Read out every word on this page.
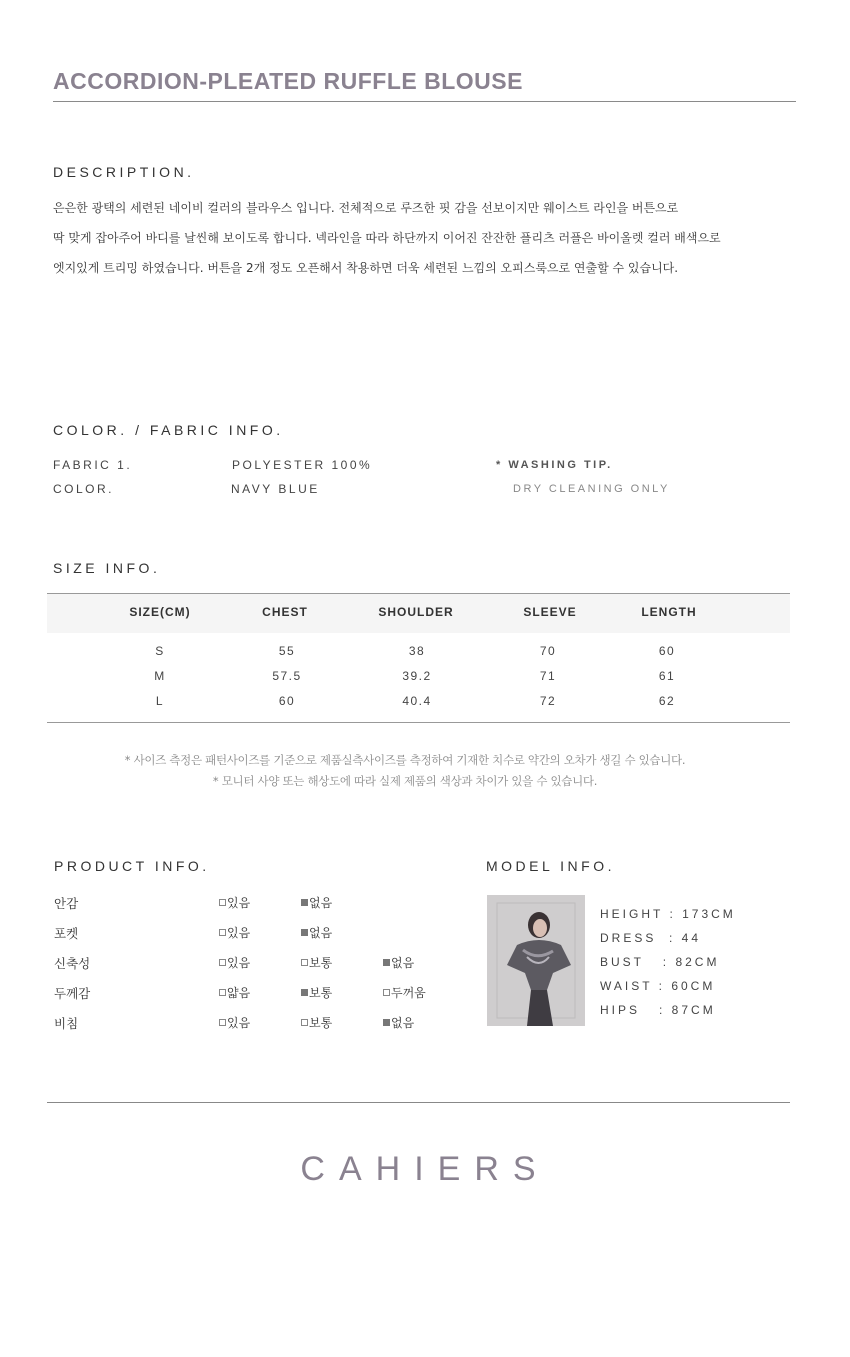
ACCORDION-PLEATED RUFFLE BLOUSE
DESCRIPTION.
은은한 광택의 세련된 네이비 컬러의 블라우스 입니다. 전체적으로 루즈한 핏 감을 선보이지만 웨이스트 라인을 버튼으로
딱 맞게 잡아주어 바디를 날씬해 보이도록 합니다. 넥라인을 따라 하단까지 이어진 잔잔한 플리츠 러플은 바이올렛 컬러 배색으로
엣지있게 트리밍 하였습니다. 버튼을 2개 정도 오픈해서 착용하면 더욱 세련된 느낌의 오피스룩으로 연출할 수 있습니다.
COLOR. / FABRIC INFO.
FABRIC 1.	POLYESTER 100%
COLOR.	NAVY BLUE
* WASHING TIP.
DRY CLEANING ONLY
SIZE INFO.
SIZE(CM)	CHEST	SHOULDER	SLEEVE	LENGTH
S	55	38	70	60
M	57.5	39.2	71	61
L	60	40.4	72	62
* 사이즈 측정은 패턴사이즈를 기준으로 제품실측사이즈를 측정하여 기재한 치수로 약간의 오차가 생길 수 있습니다.
* 모니터 사양 또는 해상도에 따라 실제 제품의 색상과 차이가 있을 수 있습니다.
PRODUCT INFO.
안감	있음	없음
포켓	있음	없음
신축성	있음	보통	없음
두께감	얇음	보통	두꺼움
비침	있음	보통	없음
MODEL INFO.
HEIGHT : 173CM
DRESS  : 44
BUST   : 82CM
WAIST : 60CM
HIPS   : 87CM
CAHIERS
